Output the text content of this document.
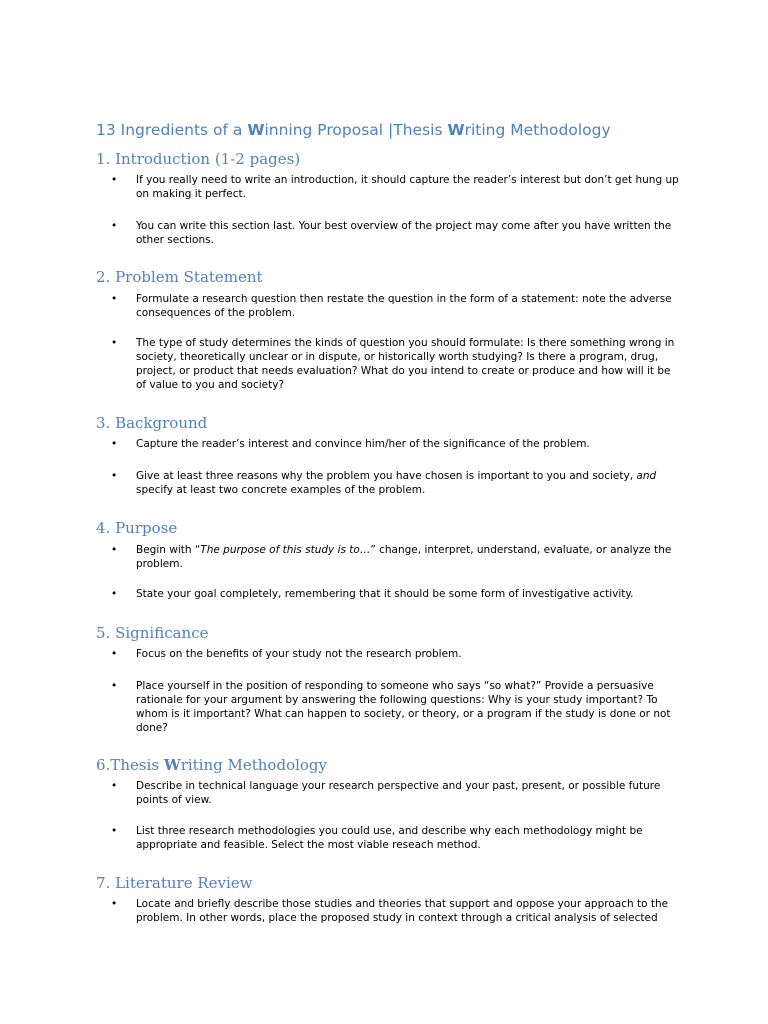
13 Ingredients of a Winning Proposal |Thesis Writing Methodology
1. Introduction (1-2 pages)
•	If you really need to write an introduction, it should capture the reader’s interest but don’t get hung up on making it perfect.
•	You can write this section last. Your best overview of the project may come after you have written the other sections.
2. Problem Statement
•	Formulate a research question then restate the question in the form of a statement: note the adverse consequences of the problem.
•	The type of study determines the kinds of question you should formulate: Is there something wrong in society, theoretically unclear or in dispute, or historically worth studying? Is there a program, drug, project, or product that needs evaluation? What do you intend to create or produce and how will it be of value to you and society?
3. Background
•	Capture the reader’s interest and convince him/her of the significance of the problem.
•	Give at least three reasons why the problem you have chosen is important to you and society, and specify at least two concrete examples of the problem.
4. Purpose
•	Begin with “The purpose of this study is to…” change, interpret, understand, evaluate, or analyze the problem.
•	State your goal completely, remembering that it should be some form of investigative activity.
5. Significance
•	Focus on the benefits of your study not the research problem.
•	Place yourself in the position of responding to someone who says “so what?” Provide a persuasive rationale for your argument by answering the following questions: Why is your study important? To whom is it important? What can happen to society, or theory, or a program if the study is done or not done?
6.Thesis Writing Methodology
•	Describe in technical language your research perspective and your past, present, or possible future points of view.
•	List three research methodologies you could use, and describe why each methodology might be appropriate and feasible. Select the most viable reseach method.
7. Literature Review
•	Locate and briefly describe those studies and theories that support and oppose your approach to the problem. In other words, place the proposed study in context through a critical analysis of selected
